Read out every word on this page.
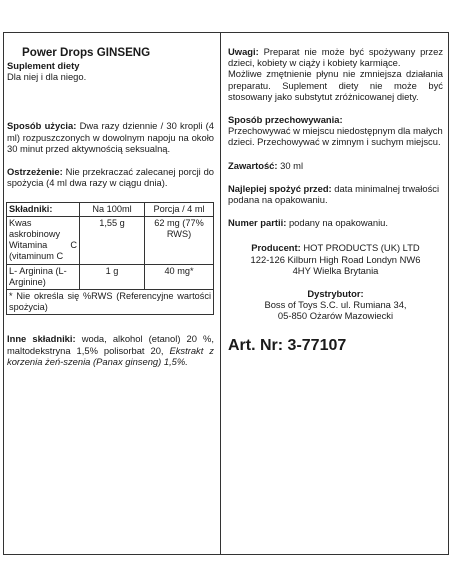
Power Drops GINSENG
Suplement diety
Dla niej i dla niego.
Sposób użycia: Dwa razy dziennie / 30 kropli (4 ml) rozpuszczonych w dowolnym napoju na około 30 minut przed aktywnością seksualną.
Ostrzeżenie: Nie przekraczać zalecanej porcji do spożycia (4 ml dwa razy w ciągu dnia).
Składniki:	Na 100ml	Porcja / 4 ml
Kwas askrobinowy Witamina C (vitaminum C	1,55 g	62 mg (77% RWS)
L- Arginina (L-Arginine)	1 g	40 mg*
* Nie określa się %RWS (Referencyjne wartości spożycia)		
Inne składniki: woda, alkohol (etanol) 20 %, maltodekstryna 1,5% polisorbat 20, Ekstrakt z korzenia żeń-szenia (Panax ginseng) 1,5%.
Uwagi: Preparat nie może być spożywany przez dzieci, kobiety w ciąży i kobiety karmiące.
Możliwe zmętnienie płynu nie zmniejsza działania preparatu. Suplement diety nie może być stosowany jako substytut zróżnicowanej diety.
Sposób przechowywania:
Przechowywać w miejscu niedostępnym dla małych dzieci. Przechowywać w zimnym i suchym miejscu.
Zawartość: 30 ml
Najlepiej spożyć przed: data minimalnej trwałości podana na opakowaniu.
Numer partii: podany na opakowaniu.
Producent: HOT PRODUCTS (UK) LTD
122-126 Kilburn High Road Londyn NW6
4HY Wielka Brytania
Dystrybutor:
Boss of Toys S.C. ul. Rumiana 34,
05-850 Ożarów Mazowiecki
Art. Nr: 3-77107
